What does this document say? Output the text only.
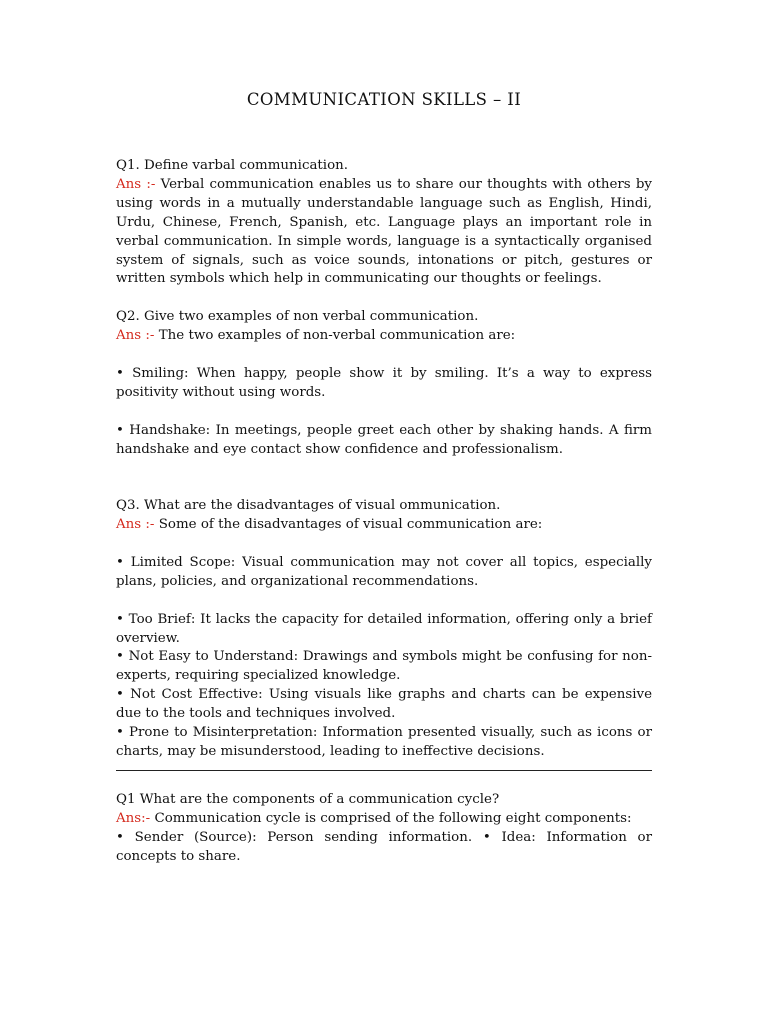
COMMUNICATION SKILLS – II

Q1. Define varbal communication.

Ans :- Verbal communication enables us to share our thoughts with others by using words in a mutually understandable language such as English, Hindi, Urdu, Chinese, French, Spanish, etc. Language plays an important role in verbal communication. In simple words, language is a syntactically organised system of signals, such as voice sounds, intonations or pitch, gestures or written symbols which help in communicating our thoughts or feelings.

Q2. Give two examples of non verbal communication.

Ans :- The two examples of non-verbal communication are:

• Smiling: When happy, people show it by smiling. It’s a way to express positivity without using words.

• Handshake: In meetings, people greet each other by shaking hands. A firm handshake and eye contact show confidence and professionalism.

Q3. What are the disadvantages of visual ommunication.

Ans :- Some of the disadvantages of visual communication are:

• Limited Scope: Visual communication may not cover all topics, especially plans, policies, and organizational recommendations.

• Too Brief: It lacks the capacity for detailed information, offering only a brief overview.

• Not Easy to Understand: Drawings and symbols might be confusing for non-experts, requiring specialized knowledge.

• Not Cost Effective: Using visuals like graphs and charts can be expensive due to the tools and techniques involved.

• Prone to Misinterpretation: Information presented visually, such as icons or charts, may be misunderstood, leading to ineffective decisions.

Q1 What are the components of a communication cycle?

Ans:- Communication cycle is comprised of the following eight components:

• Sender (Source): Person sending information. • Idea: Information or concepts to share.
